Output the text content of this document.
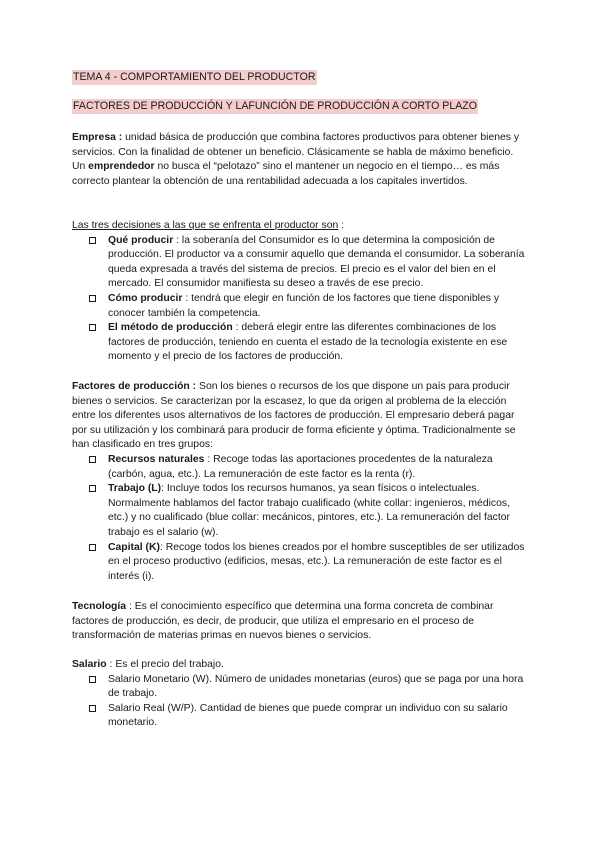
TEMA 4 - COMPORTAMIENTO DEL PRODUCTOR
FACTORES DE PRODUCCIÓN Y LAFUNCIÓN DE PRODUCCIÓN A CORTO PLAZO

Empresa : unidad básica de producción que combina factores productivos para obtener bienes y servicios. Con la finalidad de obtener un beneficio. Clásicamente se habla de máximo beneficio.

Un emprendedor no busca el “pelotazo” sino el mantener un negocio en el tiempo… es más correcto plantear la obtención de una rentabilidad adecuada a los capitales invertidos.

Las tres decisiones a las que se enfrenta el productor son :

Qué producir : la soberanía del Consumidor es lo que determina la composición de producción. El productor va a consumir aquello que demanda el consumidor. La soberanía queda expresada a través del sistema de precios. El precio es el valor del bien en el mercado. El consumidor manifiesta su deseo a través de ese precio.
Cómo producir : tendrá que elegir en función de los factores que tiene disponibles y conocer también la competencia.
El método de producción : deberá elegir entre las diferentes combinaciones de los factores de producción, teniendo en cuenta el estado de la tecnología existente en ese momento y el precio de los factores de producción.

Factores de producción : Son los bienes o recursos de los que dispone un país para producir bienes o servicios. Se caracterizan por la escasez, lo que da origen al problema de la elección entre los diferentes usos alternativos de los factores de producción. El empresario deberá pagar por su utilización y los combinará para producir de forma eficiente y óptima. Tradicionalmente se han clasificado en tres grupos:

Recursos naturales : Recoge todas las aportaciones procedentes de la naturaleza (carbón, agua, etc.). La remuneración de este factor es la renta (r).
Trabajo (L): Incluye todos los recursos humanos, ya sean físicos o intelectuales. Normalmente hablamos del factor trabajo cualificado (white collar: ingenieros, médicos, etc.) y no cualificado (blue collar: mecánicos, pintores, etc.). La remuneración del factor trabajo es el salario (w).
Capital (K): Recoge todos los bienes creados por el hombre susceptibles de ser utilizados en el proceso productivo (edificios, mesas, etc.). La remuneración de este factor es el interés (i).

Tecnología : Es el conocimiento específico que determina una forma concreta de combinar factores de producción, es decir, de producir, que utiliza el empresario en el proceso de transformación de materias primas en nuevos bienes o servicios.

Salario : Es el precio del trabajo.

Salario Monetario (W). Número de unidades monetarias (euros) que se paga por una hora de trabajo.
Salario Real (W/P). Cantidad de bienes que puede comprar un individuo con su salario monetario.
